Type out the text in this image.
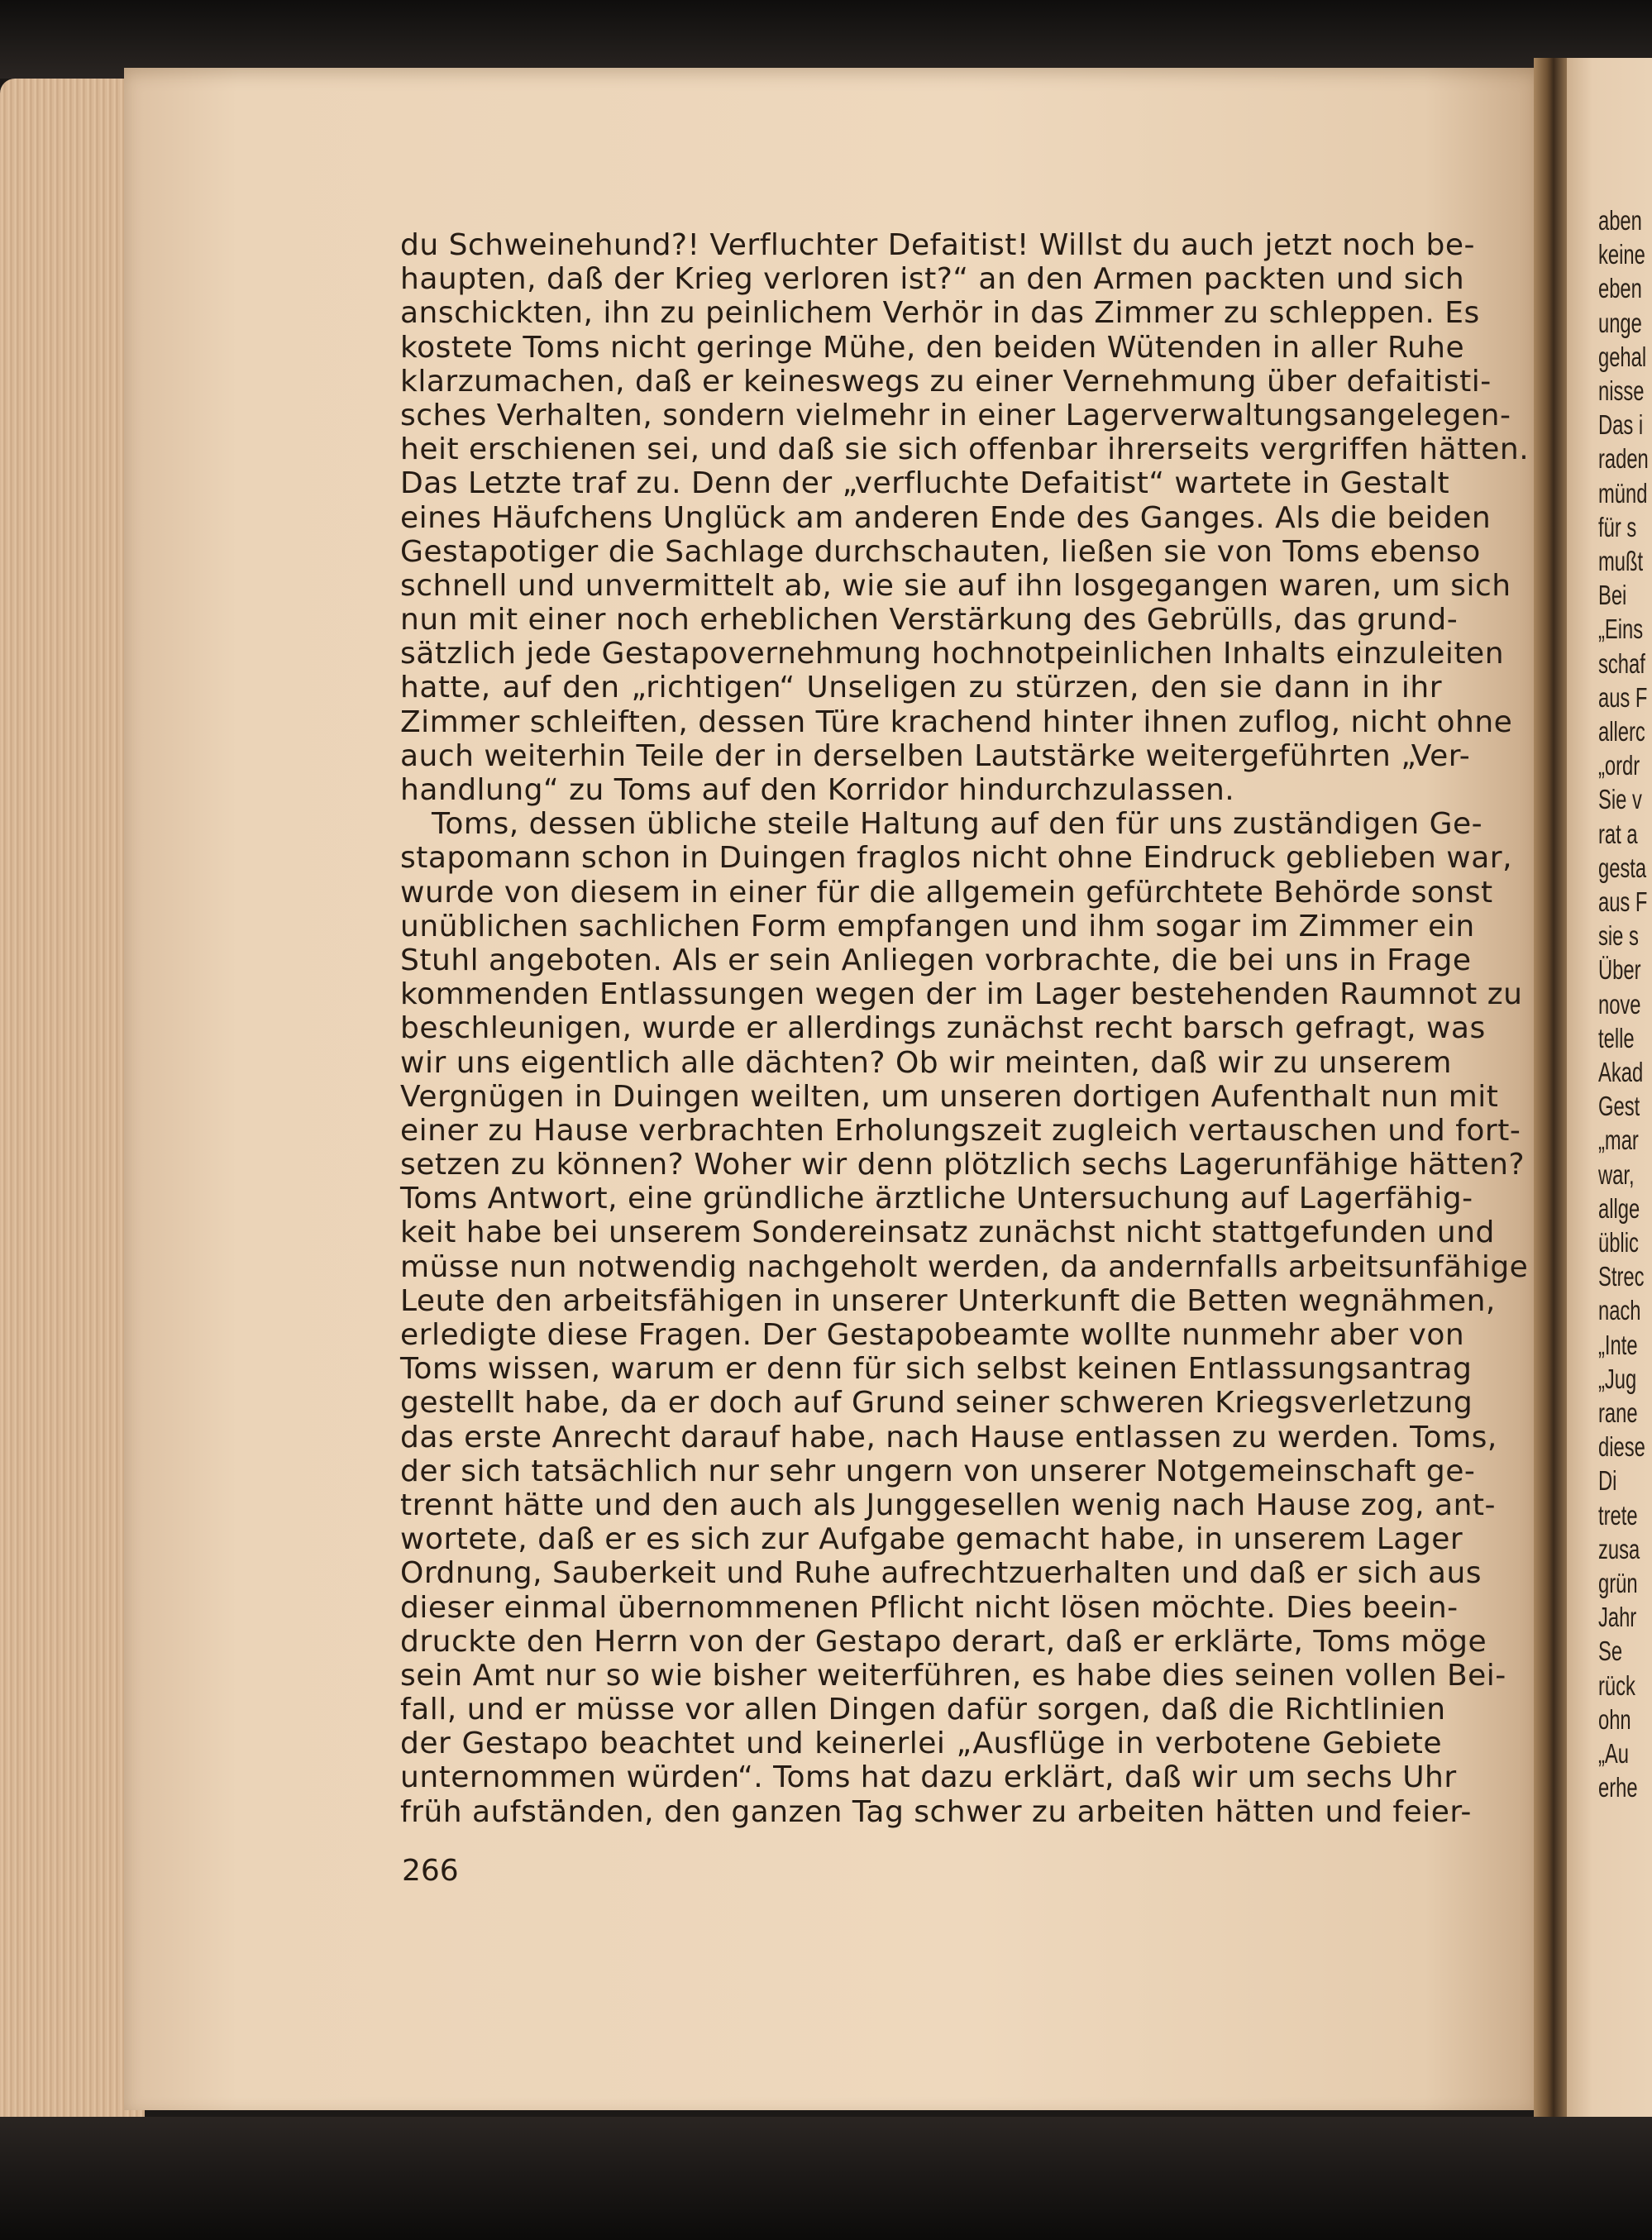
aben
keine
eben
unge
gehal
nisse
Das i
raden
münd
für s
mußt
Bei
„Eins
schaf
aus F
allerc
„ordr
Sie v
rat a
gesta
aus F
sie s
Über
nove
telle
Akad
Gest
„mar
war,
allge
üblic
Strec
nach
„Inte
„Jug
rane
diese
Di
trete
zusa
grün
Jahr
Se
rück
ohn
„Au
erhe
du Schweinehund?! Verfluchter Defaitist! Willst du auch jetzt noch be-
haupten, daß der Krieg verloren ist?“ an den Armen packten und sich
anschickten, ihn zu peinlichem Verhör in das Zimmer zu schleppen. Es
kostete Toms nicht geringe Mühe, den beiden Wütenden in aller Ruhe
klarzumachen, daß er keineswegs zu einer Vernehmung über defaitisti-
sches Verhalten, sondern vielmehr in einer Lagerverwaltungsangelegen-
heit erschienen sei, und daß sie sich offenbar ihrerseits vergriffen hätten.
Das Letzte traf zu. Denn der „verfluchte Defaitist“ wartete in Gestalt
eines Häufchens Unglück am anderen Ende des Ganges. Als die beiden
Gestapotiger die Sachlage durchschauten, ließen sie von Toms ebenso
schnell und unvermittelt ab, wie sie auf ihn losgegangen waren, um sich
nun mit einer noch erheblichen Verstärkung des Gebrülls, das grund-
sätzlich jede Gestapovernehmung hochnotpeinlichen Inhalts einzuleiten
hatte, auf den „richtigen“ Unseligen zu stürzen, den sie dann in ihr
Zimmer schleiften, dessen Türe krachend hinter ihnen zuflog, nicht ohne
auch weiterhin Teile der in derselben Lautstärke weitergeführten „Ver-
handlung“ zu Toms auf den Korridor hindurchzulassen.
Toms, dessen übliche steile Haltung auf den für uns zuständigen Ge-
stapomann schon in Duingen fraglos nicht ohne Eindruck geblieben war,
wurde von diesem in einer für die allgemein gefürchtete Behörde sonst
unüblichen sachlichen Form empfangen und ihm sogar im Zimmer ein
Stuhl angeboten. Als er sein Anliegen vorbrachte, die bei uns in Frage
kommenden Entlassungen wegen der im Lager bestehenden Raumnot zu
beschleunigen, wurde er allerdings zunächst recht barsch gefragt, was
wir uns eigentlich alle dächten? Ob wir meinten, daß wir zu unserem
Vergnügen in Duingen weilten, um unseren dortigen Aufenthalt nun mit
einer zu Hause verbrachten Erholungszeit zugleich vertauschen und fort-
setzen zu können? Woher wir denn plötzlich sechs Lagerunfähige hätten?
Toms Antwort, eine gründliche ärztliche Untersuchung auf Lagerfähig-
keit habe bei unserem Sondereinsatz zunächst nicht stattgefunden und
müsse nun notwendig nachgeholt werden, da andernfalls arbeitsunfähige
Leute den arbeitsfähigen in unserer Unterkunft die Betten wegnähmen,
erledigte diese Fragen. Der Gestapobeamte wollte nunmehr aber von
Toms wissen, warum er denn für sich selbst keinen Entlassungsantrag
gestellt habe, da er doch auf Grund seiner schweren Kriegsverletzung
das erste Anrecht darauf habe, nach Hause entlassen zu werden. Toms,
der sich tatsächlich nur sehr ungern von unserer Notgemeinschaft ge-
trennt hätte und den auch als Junggesellen wenig nach Hause zog, ant-
wortete, daß er es sich zur Aufgabe gemacht habe, in unserem Lager
Ordnung, Sauberkeit und Ruhe aufrechtzuerhalten und daß er sich aus
dieser einmal übernommenen Pflicht nicht lösen möchte. Dies beein-
druckte den Herrn von der Gestapo derart, daß er erklärte, Toms möge
sein Amt nur so wie bisher weiterführen, es habe dies seinen vollen Bei-
fall, und er müsse vor allen Dingen dafür sorgen, daß die Richtlinien
der Gestapo beachtet und keinerlei „Ausflüge in verbotene Gebiete
unternommen würden“. Toms hat dazu erklärt, daß wir um sechs Uhr
früh aufständen, den ganzen Tag schwer zu arbeiten hätten und feier-
266
